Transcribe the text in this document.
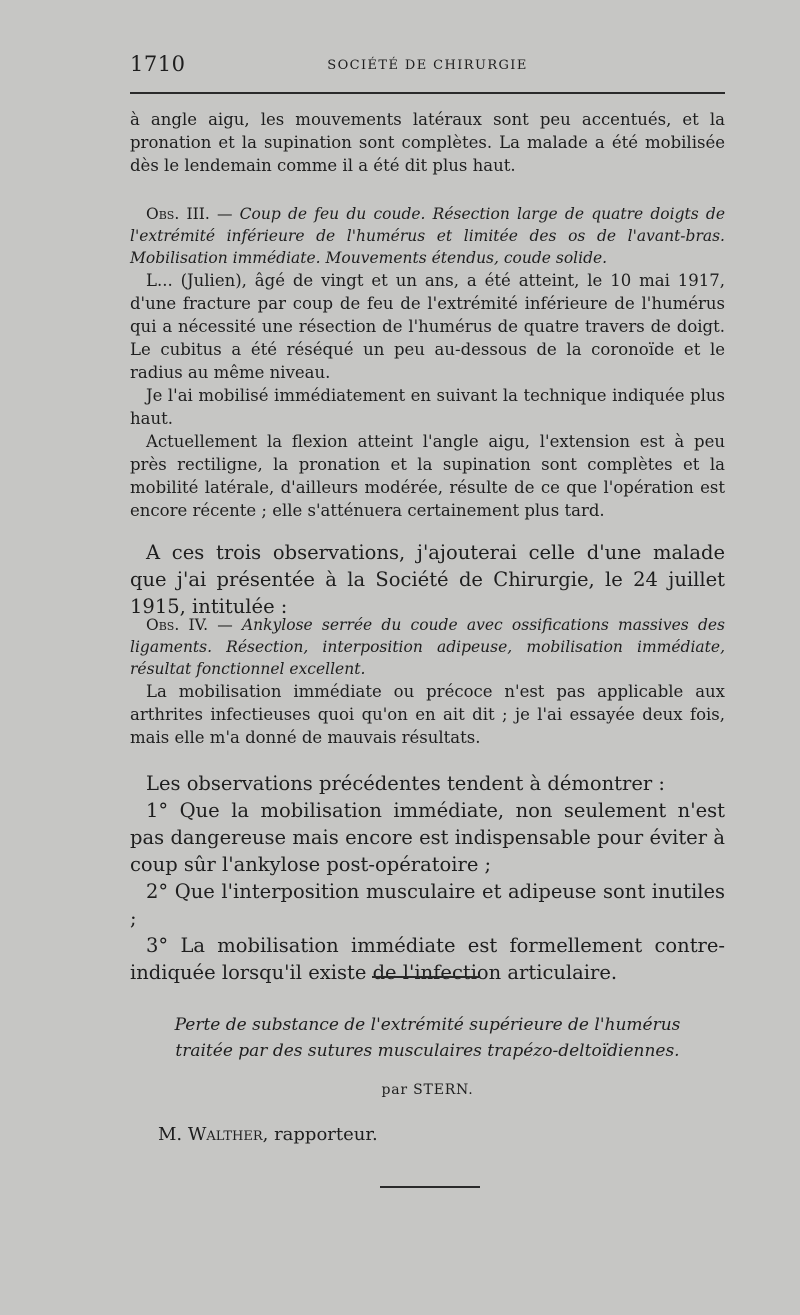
1710	SOCIÉTÉ DE CHIRURGIE

à angle aigu, les mouvements latéraux sont peu accentués, et la pronation et la supination sont complètes. La malade a été mobilisée dès le lendemain comme il a été dit plus haut.

Obs. III. — Coup de feu du coude. Résection large de quatre doigts de l'extrémité inférieure de l'humérus et limitée des os de l'avant-bras. Mobilisation immédiate. Mouvements étendus, coude solide.

L... (Julien), âgé de vingt et un ans, a été atteint, le 10 mai 1917, d'une fracture par coup de feu de l'extrémité inférieure de l'humérus qui a nécessité une résection de l'humérus de quatre travers de doigt. Le cubitus a été réséqué un peu au-dessous de la coronoïde et le radius au même niveau.

Je l'ai mobilisé immédiatement en suivant la technique indiquée plus haut.

Actuellement la flexion atteint l'angle aigu, l'extension est à peu près rectiligne, la pronation et la supination sont complètes et la mobilité latérale, d'ailleurs modérée, résulte de ce que l'opération est encore récente ; elle s'atténuera certainement plus tard.

A ces trois observations, j'ajouterai celle d'une malade que j'ai présentée à la Société de Chirurgie, le 24 juillet 1915, intitulée :

Obs. IV. — Ankylose serrée du coude avec ossifications massives des ligaments. Résection, interposition adipeuse, mobilisation immédiate, résultat fonctionnel excellent.

La mobilisation immédiate ou précoce n'est pas applicable aux arthrites infectieuses quoi qu'on en ait dit ; je l'ai essayée deux fois, mais elle m'a donné de mauvais résultats.

Les observations précédentes tendent à démontrer :

1° Que la mobilisation immédiate, non seulement n'est pas dangereuse mais encore est indispensable pour éviter à coup sûr l'ankylose post-opératoire ;

2° Que l'interposition musculaire et adipeuse sont inutiles ;

3° La mobilisation immédiate est formellement contre-indiquée lorsqu'il existe de l'infection articulaire.

Perte de substance de l'extrémité supérieure de l'humérus
traitée par des sutures musculaires trapézo-deltoïdiennes.
par STERN.
M. Walther, rapporteur.
